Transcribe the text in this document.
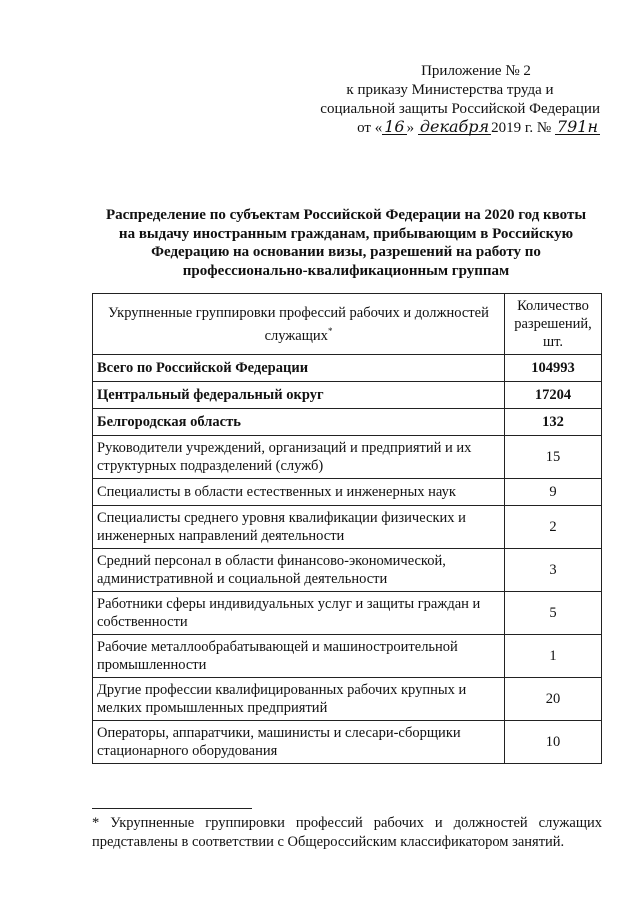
Приложение № 2
к приказу Министерства труда и
социальной защиты Российской Федерации
от « 16 » декабря 2019 г. № 791н
Распределение по субъектам Российской Федерации на 2020 год квоты на выдачу иностранным гражданам, прибывающим в Российскую Федерацию на основании визы, разрешений на работу по профессионально-квалификационным группам
Укрупненные группировки профессий рабочих и должностей служащих*	Количество разрешений, шт.
Всего по Российской Федерации	104993
Центральный федеральный округ	17204
Белгородская область	132
Руководители учреждений, организаций и предприятий и их структурных подразделений (служб)	15
Специалисты в области естественных и инженерных наук	9
Специалисты среднего уровня квалификации физических и инженерных направлений деятельности	2
Средний персонал в области финансово-экономической, административной и социальной деятельности	3
Работники сферы индивидуальных услуг и защиты граждан и собственности	5
Рабочие металлообрабатывающей и машиностроительной промышленности	1
Другие профессии квалифицированных рабочих крупных и мелких промышленных предприятий	20
Операторы, аппаратчики, машинисты и слесари-сборщики стационарного оборудования	10
* Укрупненные группировки профессий рабочих и должностей служащих представлены в соответствии с Общероссийским классификатором занятий.
